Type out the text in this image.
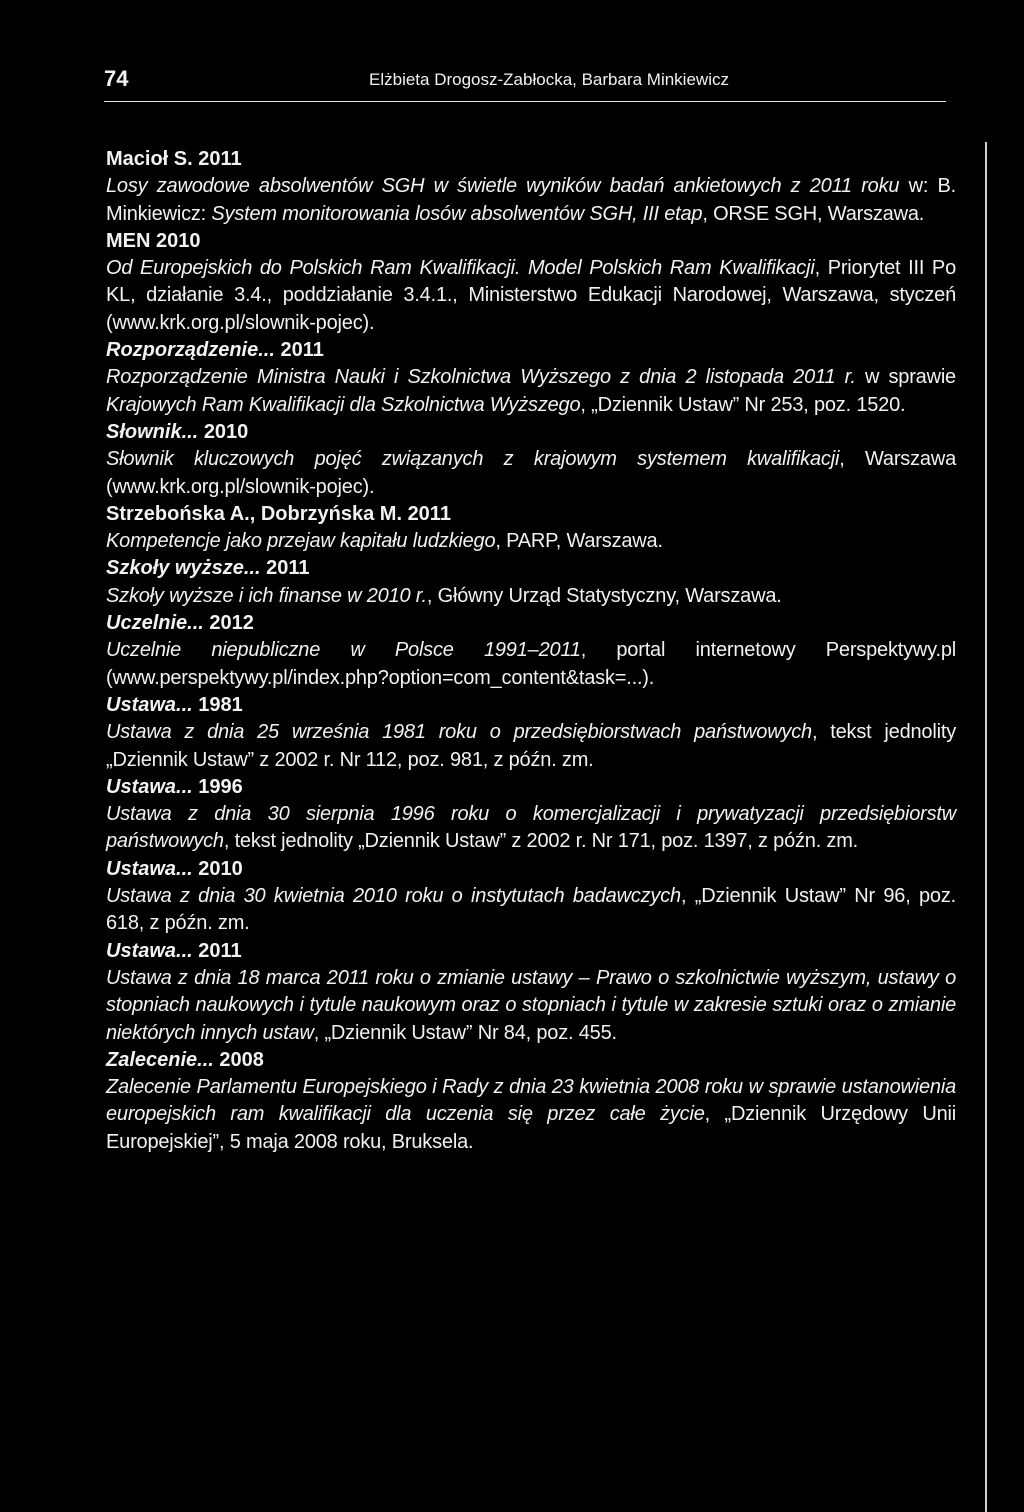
74	Elżbieta Drogosz-Zabłocka, Barbara Minkiewicz
Macioł S. 2011
Losy zawodowe absolwentów SGH w świetle wyników badań ankietowych z 2011 roku w: B. Minkiewicz: System monitorowania losów absolwentów SGH, III etap, ORSE SGH, Warszawa.
MEN 2010
Od Europejskich do Polskich Ram Kwalifikacji. Model Polskich Ram Kwalifikacji, Priorytet III Po KL, działanie 3.4., poddziałanie 3.4.1., Ministerstwo Edukacji Narodowej, Warszawa, styczeń (www.krk.org.pl/slownik-pojec).
Rozporządzenie... 2011
Rozporządzenie Ministra Nauki i Szkolnictwa Wyższego z dnia 2 listopada 2011 r. w sprawie Krajowych Ram Kwalifikacji dla Szkolnictwa Wyższego, „Dziennik Ustaw” Nr 253, poz. 1520.
Słownik... 2010
Słownik kluczowych pojęć związanych z krajowym systemem kwalifikacji, Warszawa (www.krk.org.pl/slownik-pojec).
Strzebońska A., Dobrzyńska M. 2011
Kompetencje jako przejaw kapitału ludzkiego, PARP, Warszawa.
Szkoły wyższe... 2011
Szkoły wyższe i ich finanse w 2010 r., Główny Urząd Statystyczny, Warszawa.
Uczelnie... 2012
Uczelnie niepubliczne w Polsce 1991–2011, portal internetowy Perspektywy.pl (www.perspektywy.pl/index.php?option=com_content&task=...).
Ustawa... 1981
Ustawa z dnia 25 września 1981 roku o przedsiębiorstwach państwowych, tekst jednolity „Dziennik Ustaw” z 2002 r. Nr 112, poz. 981, z późn. zm.
Ustawa... 1996
Ustawa z dnia 30 sierpnia 1996 roku o komercjalizacji i prywatyzacji przedsiębiorstw państwowych, tekst jednolity „Dziennik Ustaw” z 2002 r. Nr 171, poz. 1397, z późn. zm.
Ustawa... 2010
Ustawa z dnia 30 kwietnia 2010 roku o instytutach badawczych, „Dziennik Ustaw” Nr 96, poz. 618, z późn. zm.
Ustawa... 2011
Ustawa z dnia 18 marca 2011 roku o zmianie ustawy – Prawo o szkolnictwie wyższym, ustawy o stopniach naukowych i tytule naukowym oraz o stopniach i tytule w zakresie sztuki oraz o zmianie niektórych innych ustaw, „Dziennik Ustaw” Nr 84, poz. 455.
Zalecenie... 2008
Zalecenie Parlamentu Europejskiego i Rady z dnia 23 kwietnia 2008 roku w sprawie ustanowienia europejskich ram kwalifikacji dla uczenia się przez całe życie, „Dziennik Urzędowy Unii Europejskiej”, 5 maja 2008 roku, Bruksela.
